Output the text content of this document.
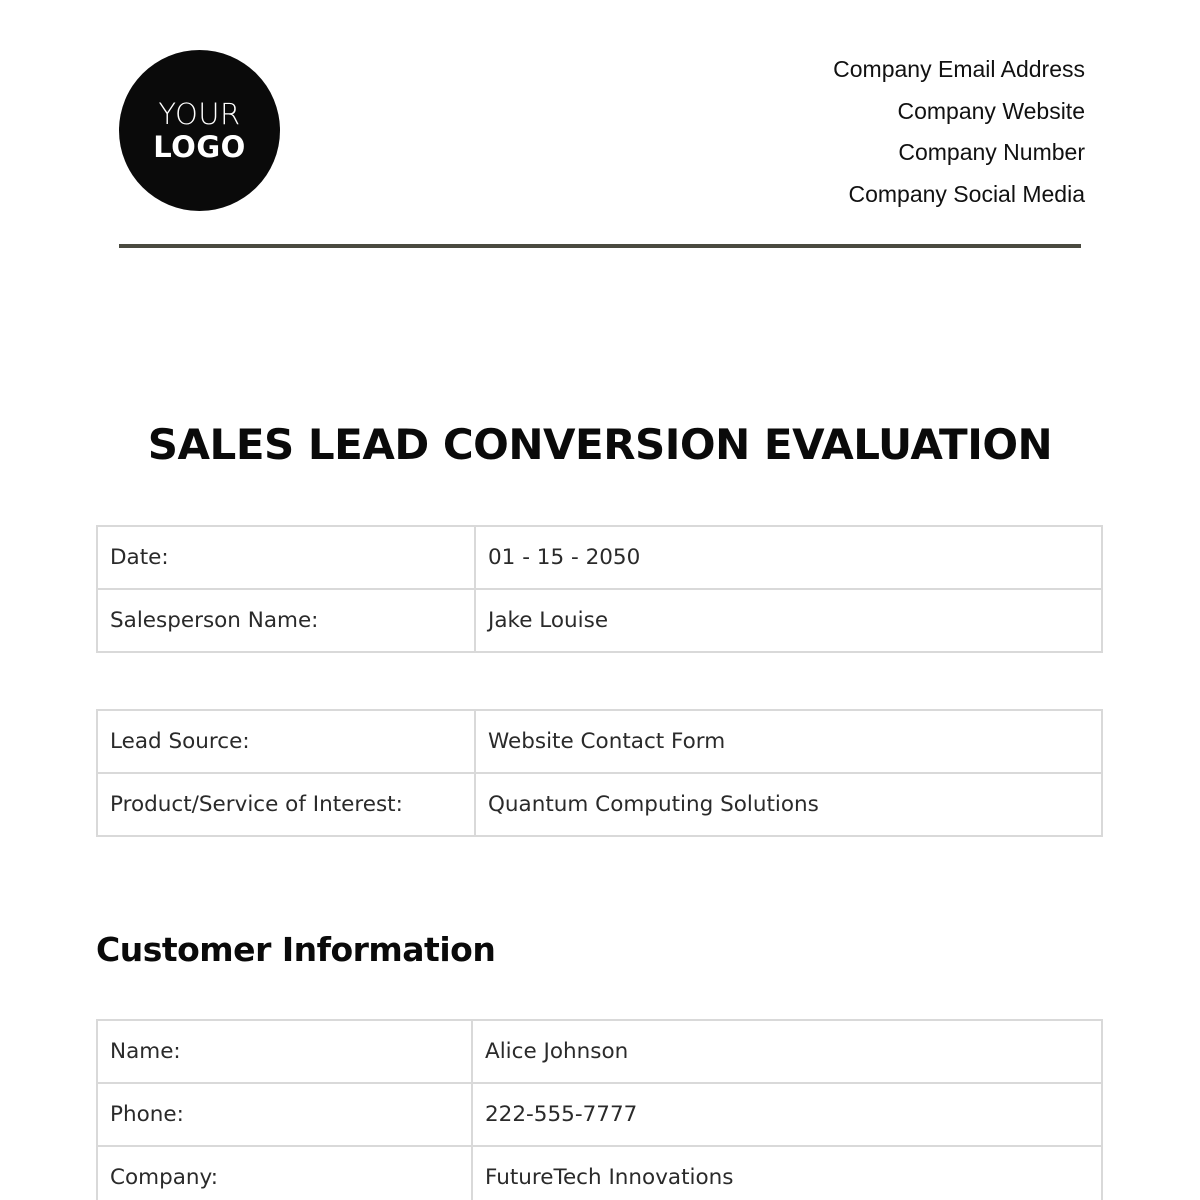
YOUR
LOGO
Company Email Address
Company Website
Company Number
Company Social Media
SALES LEAD CONVERSION EVALUATION
Date:	01 - 15 - 2050
Salesperson Name:	Jake Louise
Lead Source:	Website Contact Form
Product/Service of Interest:	Quantum Computing Solutions
Customer Information
Name:	Alice Johnson
Phone:	222-555-7777
Company:	FutureTech Innovations
